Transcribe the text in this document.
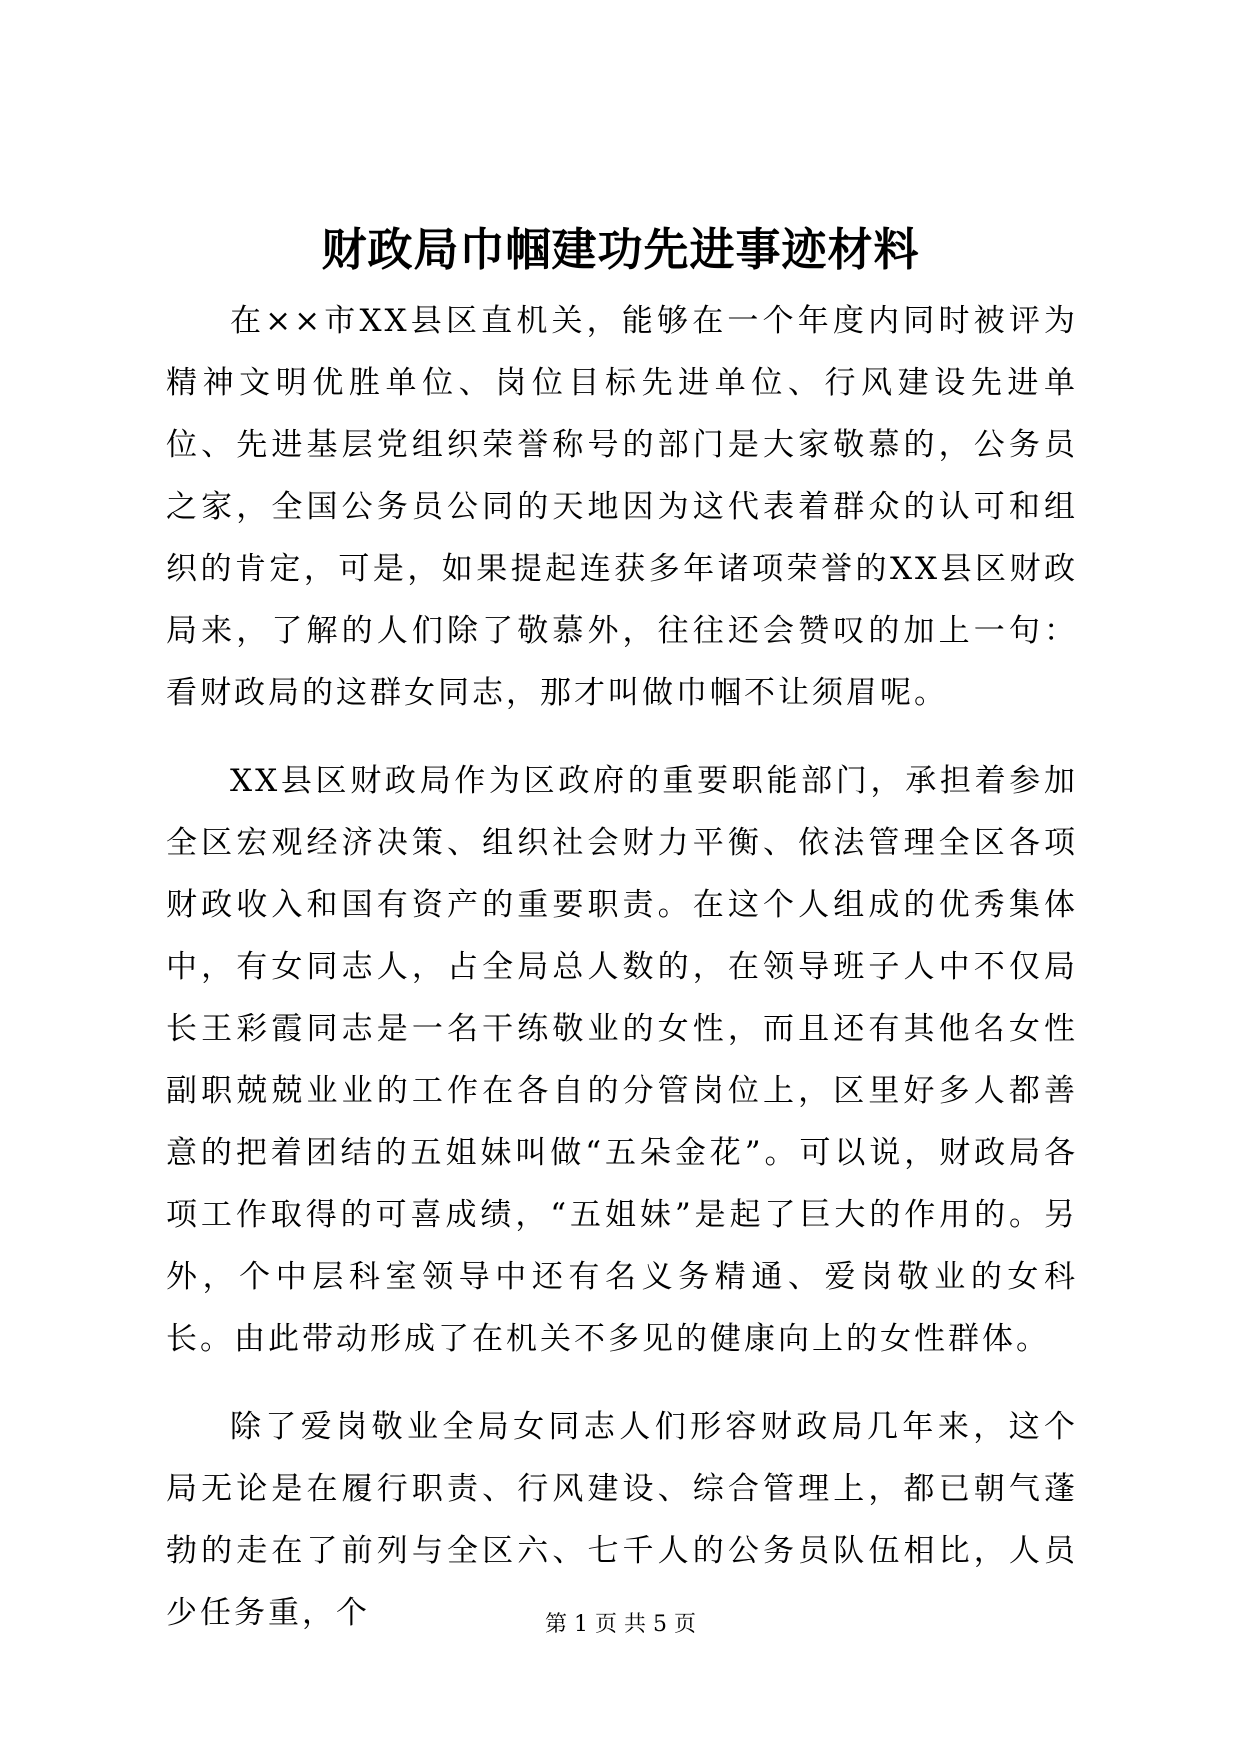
财政局巾帼建功先进事迹材料

在××市XX县区直机关，能够在一个年度内同时被评为精神文明优胜单位、岗位目标先进单位、行风建设先进单位、先进基层党组织荣誉称号的部门是大家敬慕的，公务员之家，全国公务员公同的天地因为这代表着群众的认可和组织的肯定，可是，如果提起连获多年诸项荣誉的XX县区财政局来，了解的人们除了敬慕外，往往还会赞叹的加上一句：看财政局的这群女同志，那才叫做巾帼不让须眉呢。

XX县区财政局作为区政府的重要职能部门，承担着参加全区宏观经济决策、组织社会财力平衡、依法管理全区各项财政收入和国有资产的重要职责。在这个人组成的优秀集体中，有女同志人，占全局总人数的，在领导班子人中不仅局长王彩霞同志是一名干练敬业的女性，而且还有其他名女性副职兢兢业业的工作在各自的分管岗位上，区里好多人都善意的把着团结的五姐妹叫做“五朵金花”。可以说，财政局各项工作取得的可喜成绩，“五姐妹”是起了巨大的作用的。另外，个中层科室领导中还有名义务精通、爱岗敬业的女科长。由此带动形成了在机关不多见的健康向上的女性群体。

除了爱岗敬业全局女同志人们形容财政局几年来，这个局无论是在履行职责、行风建设、综合管理上，都已朝气蓬勃的走在了前列与全区六、七千人的公务员队伍相比，人员少任务重，个	第 1 页 共 5 页
